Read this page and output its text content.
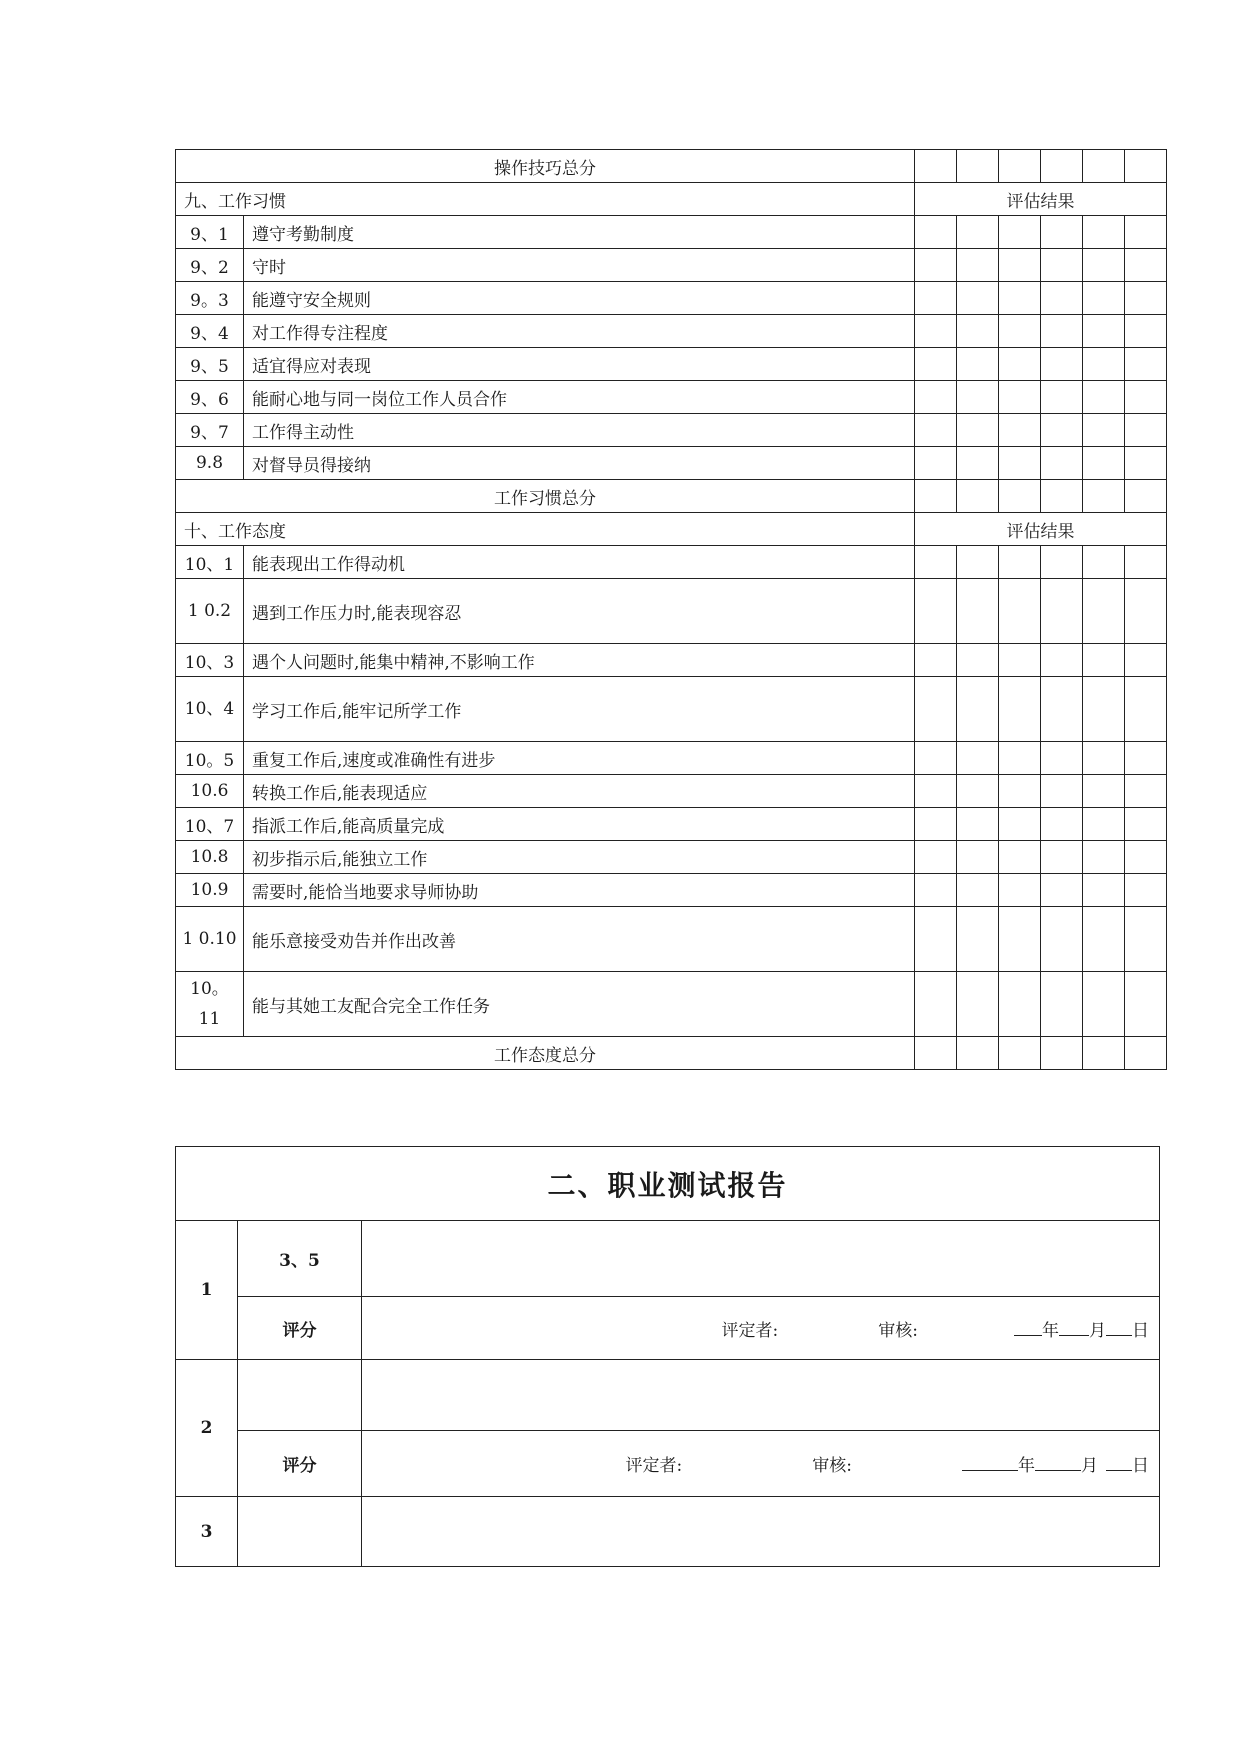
操作技巧总分							
九、工作习惯		评估结果					
9、1	遵守考勤制度						
9、2	守时						
9。3	能遵守安全规则						
9、4	对工作得专注程度						
9、5	适宜得应对表现						
9、6	能耐心地与同一岗位工作人员合作						
9、7	工作得主动性						
9.8	对督导员得接纳						
工作习惯总分							
十、工作态度		评估结果					
10、1	能表现出工作得动机						
1 0.2	遇到工作压力时,能表现容忍						
10、3	遇个人问题时,能集中精神,不影响工作						
10、4	学习工作后,能牢记所学工作						
10。5	重复工作后,速度或准确性有进步						
10.6	转换工作后,能表现适应						
10、7	指派工作后,能高质量完成						
10.8	初步指示后,能独立工作						
10.9	需要时,能恰当地要求导师协助						
1 0.10	能乐意接受劝告并作出改善						
10。11	能与其她工友配合完全工作任务						
工作态度总分							
二、职业测试报告		
1	3、5	
	评分	评定者: 审核: 年 月 日
2		
	评分	评定者: 审核: 年 月 日
3		
